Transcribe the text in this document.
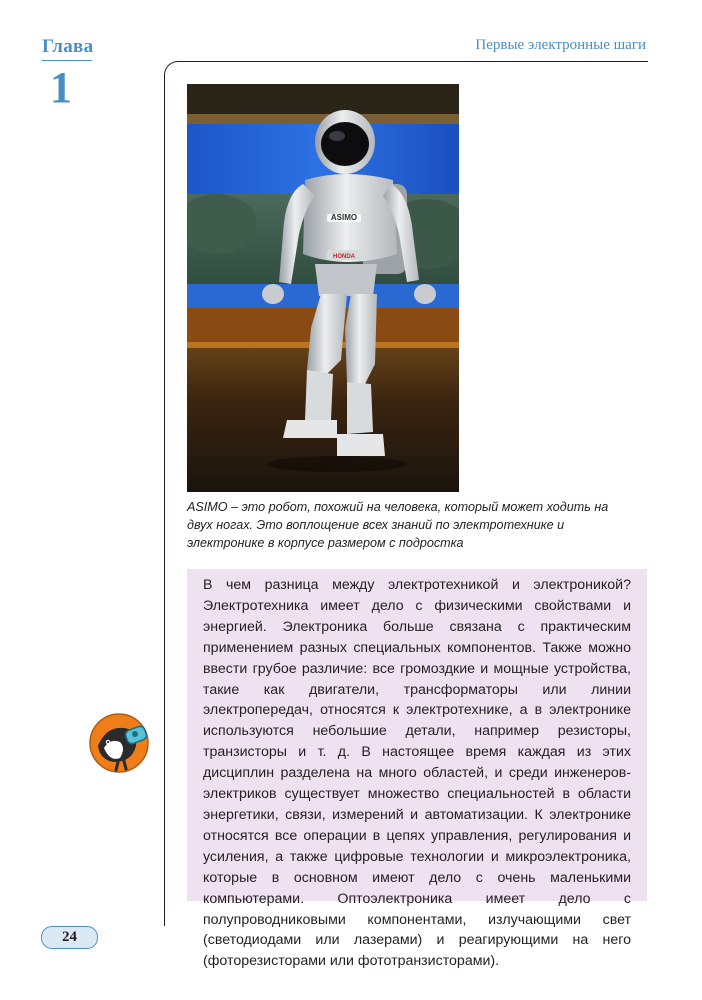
Глава
1
Первые электронные шаги
ASIMO
HONDA
ASIMO – это робот, похожий на человека, который может ходить на двух ногах. Это воплощение всех знаний по электротехнике и электронике в корпусе размером с подростка
В чем разница между электротехникой и электроникой? Электротехника имеет дело с физическими свойствами и энергией. Электроника больше связана с практическим применением разных специальных компонентов. Также можно ввести грубое различие: все громоздкие и мощные устройства, такие как двигатели, трансформаторы или линии электропередач, относятся к электротехнике, а в электронике используются небольшие детали, например резисторы, транзисторы и т. д. В настоящее время каждая из этих дисциплин разделена на много областей, и среди инженеров-электриков существует множество специальностей в области энергетики, связи, измерений и автоматизации. К электронике относятся все операции в цепях управления, регулирования и усиления, а также цифровые технологии и микроэлектроника, которые в основном имеют дело с очень маленькими компьютерами. Оптоэлектроника имеет дело с полупроводниковыми компонентами, излучающими свет (светодиодами или лазерами) и реагирующими на него (фоторезисторами или фототранзисторами).
24
